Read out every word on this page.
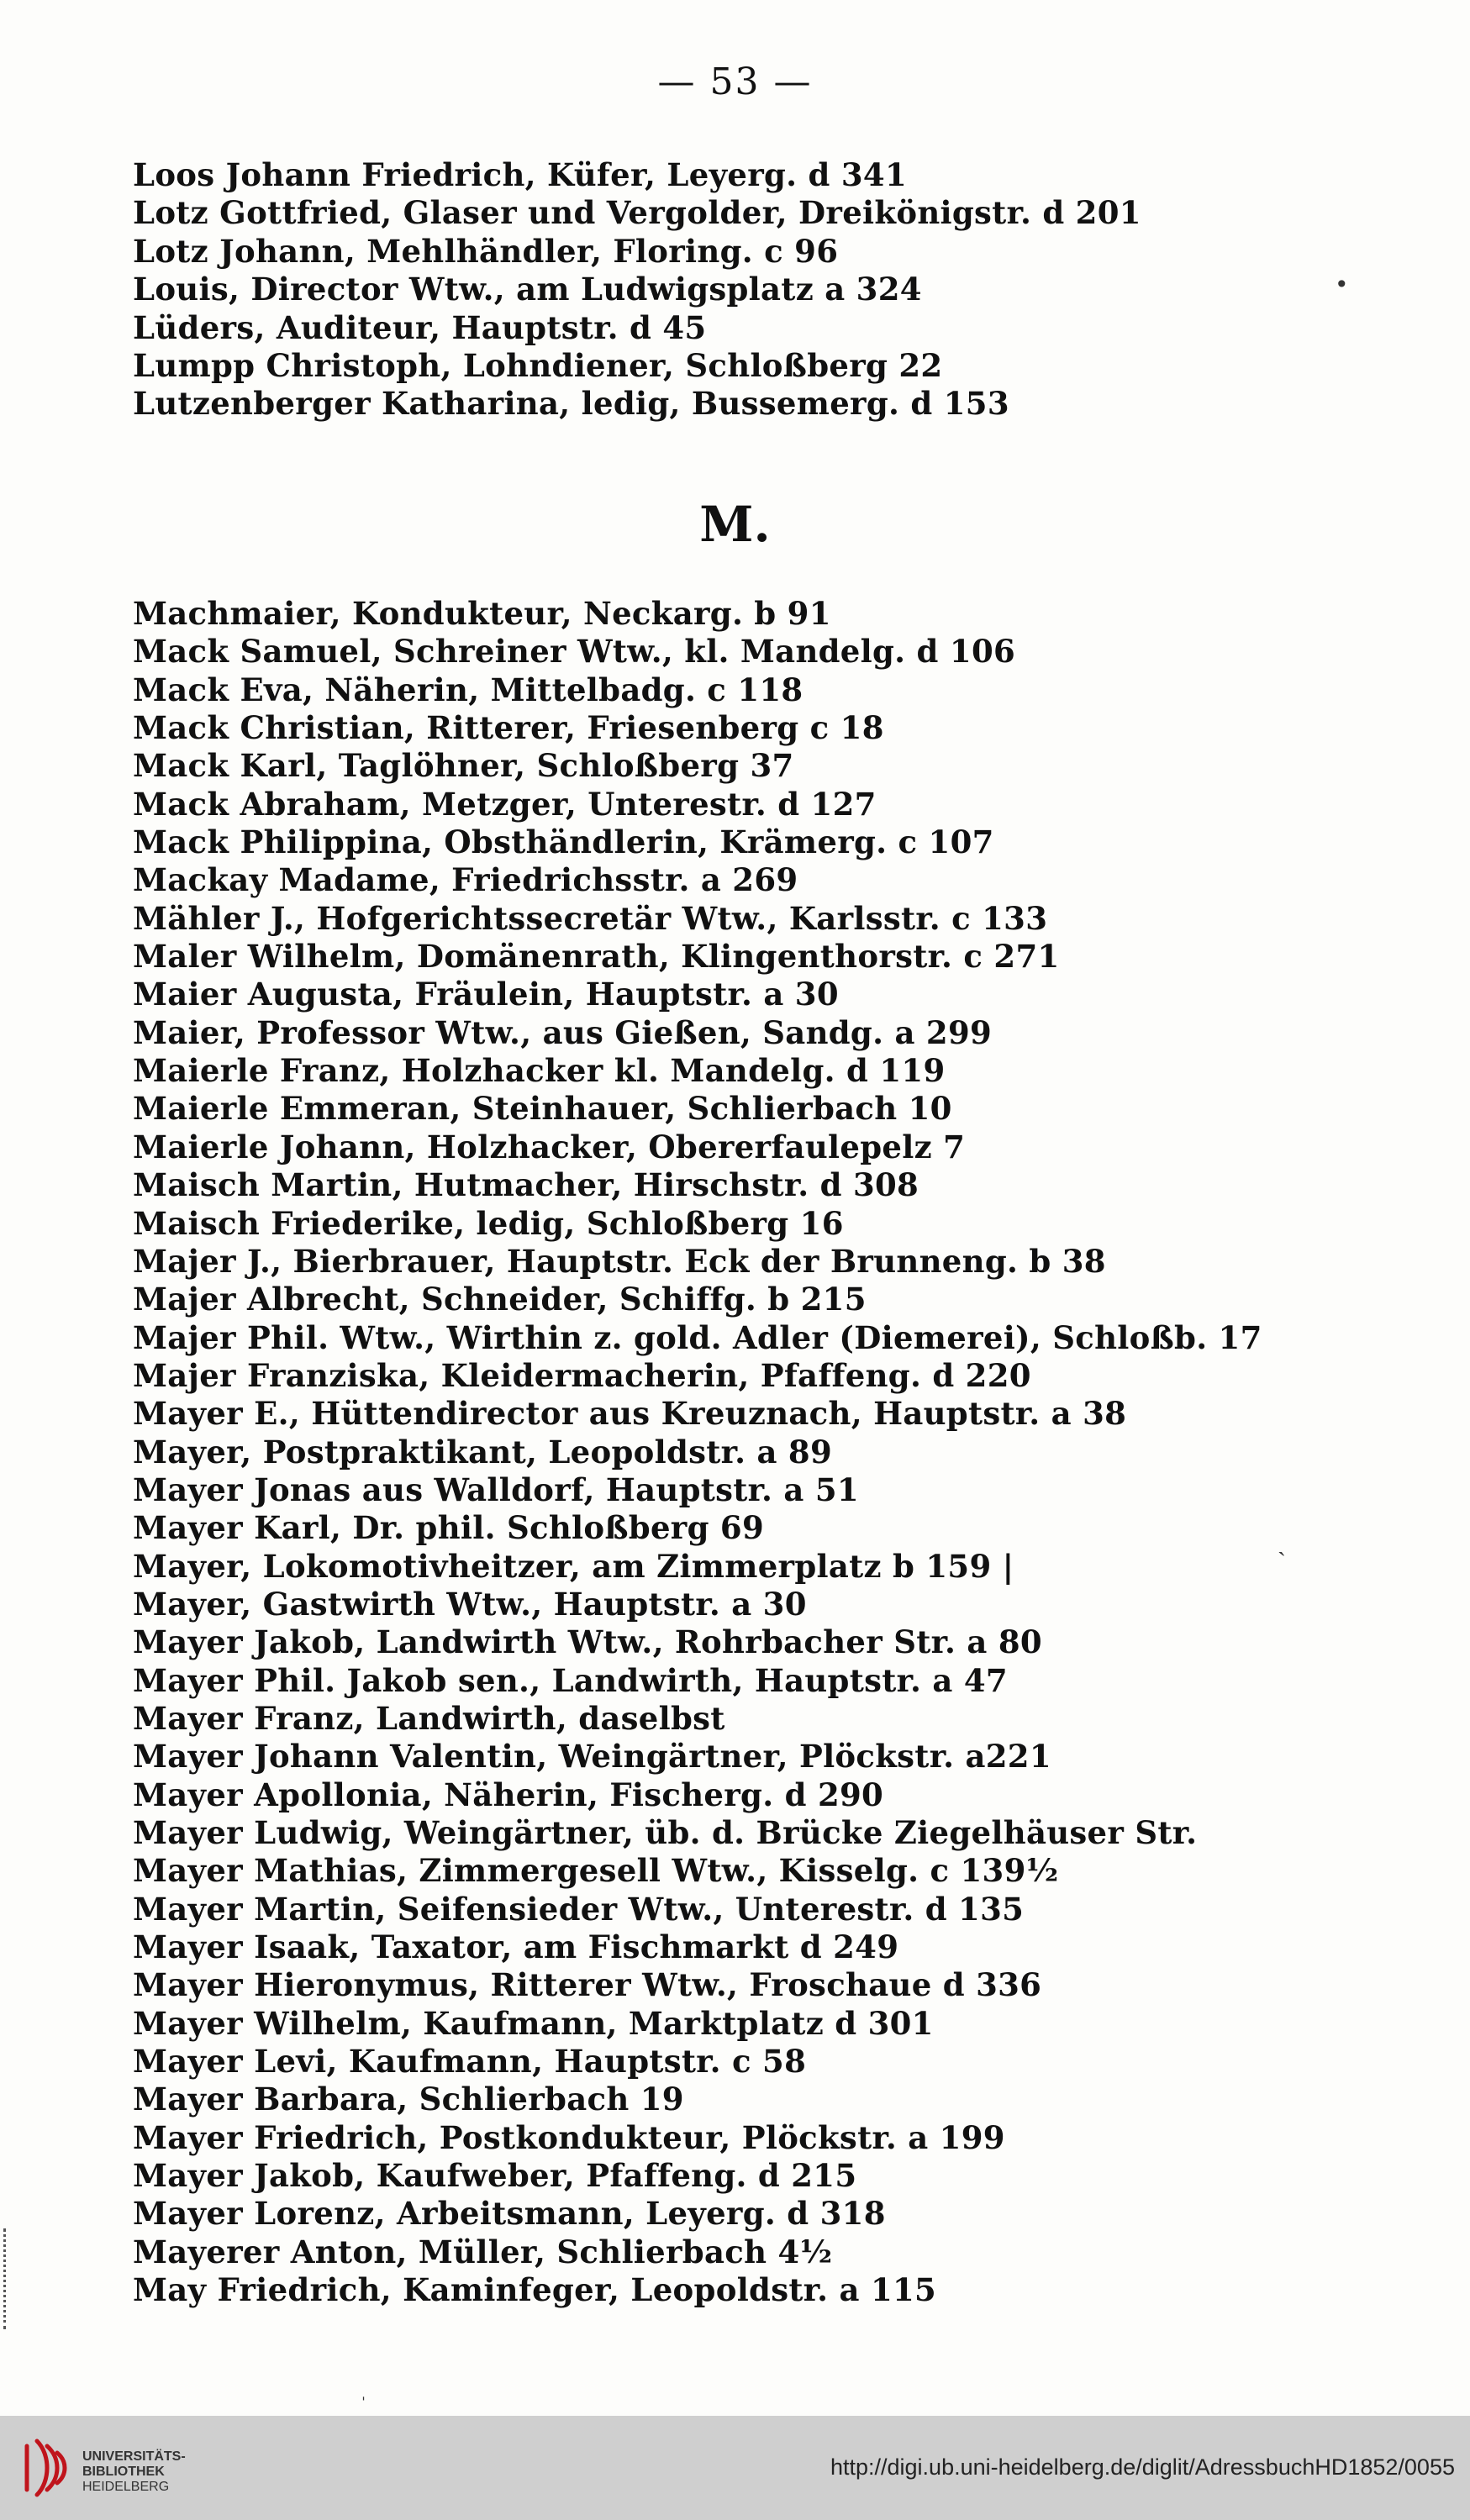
— 53 —
Loos Johann Friedrich, Küfer, Leyerg. d 341
Lotz Gottfried, Glaser und Vergolder, Dreikönigstr. d 201
Lotz Johann, Mehlhändler, Floring. c 96
Louis, Director Wtw., am Ludwigsplatz a 324
Lüders, Auditeur, Hauptstr. d 45
Lumpp Christoph, Lohndiener, Schloßberg 22
Lutzenberger Katharina, ledig, Bussemerg. d 153
M.
Machmaier, Kondukteur, Neckarg. b 91
Mack Samuel, Schreiner Wtw., kl. Mandelg. d 106
Mack Eva, Näherin, Mittelbadg. c 118
Mack Christian, Ritterer, Friesenberg c 18
Mack Karl, Taglöhner, Schloßberg 37
Mack Abraham, Metzger, Unterestr. d 127
Mack Philippina, Obsthändlerin, Krämerg. c 107
Mackay Madame, Friedrichsstr. a 269
Mähler J., Hofgerichtssecretär Wtw., Karlsstr. c 133
Maler Wilhelm, Domänenrath, Klingenthorstr. c 271
Maier Augusta, Fräulein, Hauptstr. a 30
Maier, Professor Wtw., aus Gießen, Sandg. a 299
Maierle Franz, Holzhacker kl. Mandelg. d 119
Maierle Emmeran, Steinhauer, Schlierbach 10
Maierle Johann, Holzhacker, Obererfaulepelz 7
Maisch Martin, Hutmacher, Hirschstr. d 308
Maisch Friederike, ledig, Schloßberg 16
Majer J., Bierbrauer, Hauptstr. Eck der Brunneng. b 38
Majer Albrecht, Schneider, Schiffg. b 215
Majer Phil. Wtw., Wirthin z. gold. Adler (Diemerei), Schloßb. 17
Majer Franziska, Kleidermacherin, Pfaffeng. d 220
Mayer E., Hüttendirector aus Kreuznach, Hauptstr. a 38
Mayer, Postpraktikant, Leopoldstr. a 89
Mayer Jonas aus Walldorf, Hauptstr. a 51
Mayer Karl, Dr. phil. Schloßberg 69
Mayer, Lokomotivheitzer, am Zimmerplatz b 159 |
Mayer, Gastwirth Wtw., Hauptstr. a 30
Mayer Jakob, Landwirth Wtw., Rohrbacher Str. a 80
Mayer Phil. Jakob sen., Landwirth, Hauptstr. a 47
Mayer Franz, Landwirth, daselbst
Mayer Johann Valentin, Weingärtner, Plöckstr. a221
Mayer Apollonia, Näherin, Fischerg. d 290
Mayer Ludwig, Weingärtner, üb. d. Brücke Ziegelhäuser Str.
Mayer Mathias, Zimmergesell Wtw., Kisselg. c 139½
Mayer Martin, Seifensieder Wtw., Unterestr. d 135
Mayer Isaak, Taxator, am Fischmarkt d 249
Mayer Hieronymus, Ritterer Wtw., Froschaue d 336
Mayer Wilhelm, Kaufmann, Marktplatz d 301
Mayer Levi, Kaufmann, Hauptstr. c 58
Mayer Barbara, Schlierbach 19
Mayer Friedrich, Postkondukteur, Plöckstr. a 199
Mayer Jakob, Kaufweber, Pfaffeng. d 215
Mayer Lorenz, Arbeitsmann, Leyerg. d 318
Mayerer Anton, Müller, Schlierbach 4½
May Friedrich, Kaminfeger, Leopoldstr. a 115
•
ˎ
ˈ
UNIVERSITÄTS-
BIBLIOTHEK
HEIDELBERG
http://digi.ub.uni-heidelberg.de/diglit/AdressbuchHD1852/0055
